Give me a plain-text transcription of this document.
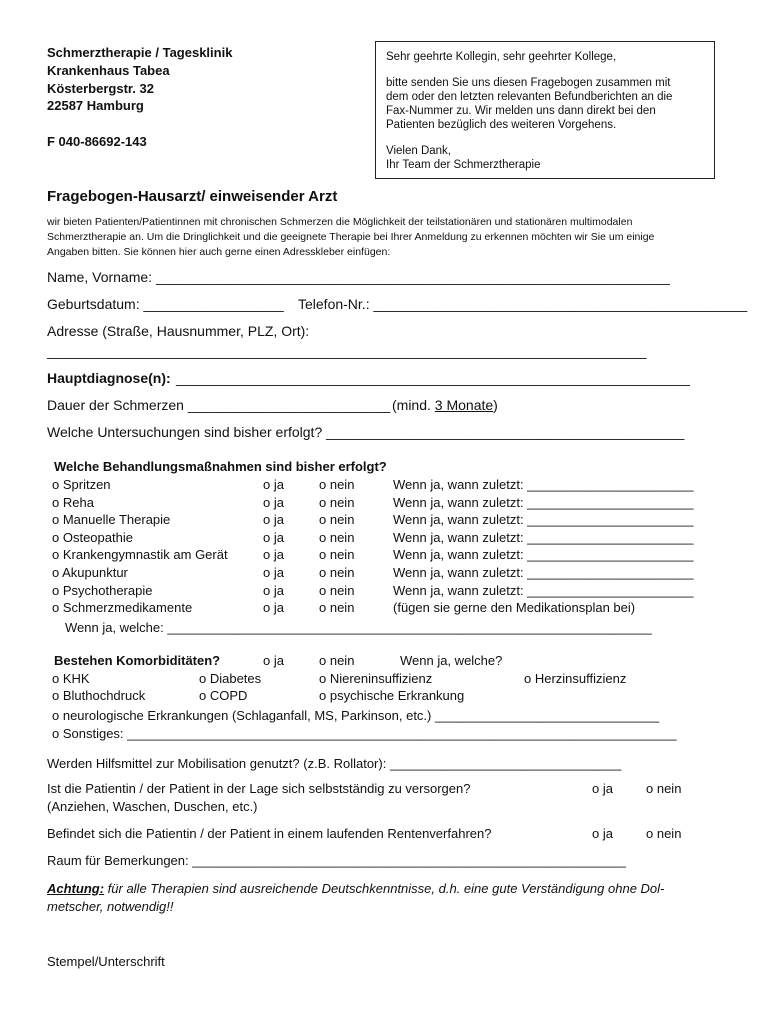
Schmerztherapie / Tagesklinik
Krankenhaus Tabea
Kösterbergstr. 32
22587 Hamburg
F 040-86692-143
Sehr geehrte Kollegin, sehr geehrter Kollege,
bitte senden Sie uns diesen Fragebogen zusammen mit
dem oder den letzten relevanten Befundberichten an die
Fax-Nummer zu. Wir melden uns dann direkt bei den
Patienten bezüglich des weiteren Vorgehens.
Vielen Dank,
Ihr Team der Schmerztherapie
Fragebogen-Hausarzt/ einweisender Arzt
wir bieten Patienten/Patientinnen mit chronischen Schmerzen die Möglichkeit der teilstationären und stationären multimodalen
Schmerztherapie an. Um die Dringlichkeit und die geeignete Therapie bei Ihrer Anmeldung zu erkennen möchten wir Sie um einige
Angaben bitten. Sie können hier auch gerne einen Adresskleber einfügen:
Name, Vorname: __________________________________________________________________
Geburtsdatum: __________________ Telefon-Nr.: ________________________________________________
Adresse (Straße, Hausnummer, PLZ, Ort):
_____________________________________________________________________________
Hauptdiagnose(n): __________________________________________________________________
Dauer der Schmerzen __________________________ (mind. 3 Monate)
Welche Untersuchungen sind bisher erfolgt? ______________________________________________
Welche Behandlungsmaßnahmen sind bisher erfolgt?
o Spritzen	o ja	o nein	Wenn ja, wann zuletzt: _______________________
o Reha	o ja	o nein	Wenn ja, wann zuletzt: _______________________
o Manuelle Therapie	o ja	o nein	Wenn ja, wann zuletzt: _______________________
o Osteopathie	o ja	o nein	Wenn ja, wann zuletzt: _______________________
o Krankengymnastik am Gerät	o ja	o nein	Wenn ja, wann zuletzt: _______________________
o Akupunktur	o ja	o nein	Wenn ja, wann zuletzt: _______________________
o Psychotherapie	o ja	o nein	Wenn ja, wann zuletzt: _______________________
o Schmerzmedikamente	o ja	o nein	(fügen sie gerne den Medikationsplan bei)
Wenn ja, welche: ___________________________________________________________________
Bestehen Komorbiditäten?	o ja	o nein	Wenn ja, welche?
o KHK	o Diabetes	o Niereninsuffizienz	o Herzinsuffizienz
o Bluthochdruck	o COPD	o psychische Erkrankung
o neurologische Erkrankungen (Schlaganfall, MS, Parkinson, etc.) _______________________________
o Sonstiges: ____________________________________________________________________________
Werden Hilfsmittel zur Mobilisation genutzt? (z.B. Rollator): ________________________________
Ist die Patientin / der Patient in der Lage sich selbstständig zu versorgen?
(Anziehen, Waschen, Duschen, etc.)
o ja	o nein
Befindet sich die Patientin / der Patient in einem laufenden Rentenverfahren?	o ja	o nein
Raum für Bemerkungen: ____________________________________________________________
Achtung: für alle Therapien sind ausreichende Deutschkenntnisse, d.h. eine gute Verständigung ohne Dol-
metscher, notwendig!!
Stempel/Unterschrift
